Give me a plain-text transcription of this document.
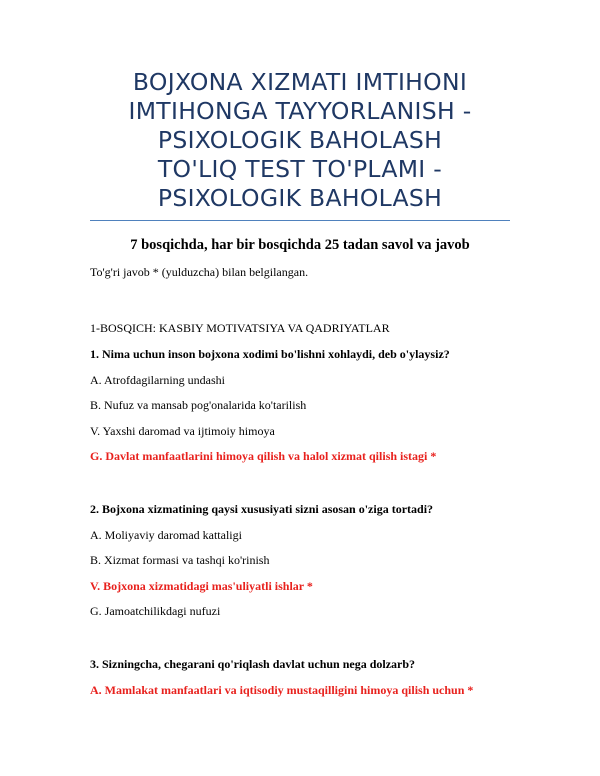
BOJXONA XIZMATI IMTIHONI
IMTIHONGA TAYYORLANISH -
PSIXOLOGIK BAHOLASH
TO'LIQ TEST TO'PLAMI -
PSIXOLOGIK BAHOLASH
7 bosqichda, har bir bosqichda 25 tadan savol va javob
To'g'ri javob * (yulduzcha) bilan belgilangan.
1-BOSQICH: KASBIY MOTIVATSIYA VA QADRIYATLAR
1. Nima uchun inson bojxona xodimi bo'lishni xohlaydi, deb o'ylaysiz?
A. Atrofdagilarning undashi
B. Nufuz va mansab pog'onalarida ko'tarilish
V. Yaxshi daromad va ijtimoiy himoya
G. Davlat manfaatlarini himoya qilish va halol xizmat qilish istagi *
2. Bojxona xizmatining qaysi xususiyati sizni asosan o'ziga tortadi?
A. Moliyaviy daromad kattaligi
B. Xizmat formasi va tashqi ko'rinish
V. Bojxona xizmatidagi mas'uliyatli ishlar *
G. Jamoatchilikdagi nufuzi
3. Sizningcha, chegarani qo'riqlash davlat uchun nega dolzarb?
A. Mamlakat manfaatlari va iqtisodiy mustaqilligini himoya qilish uchun *
